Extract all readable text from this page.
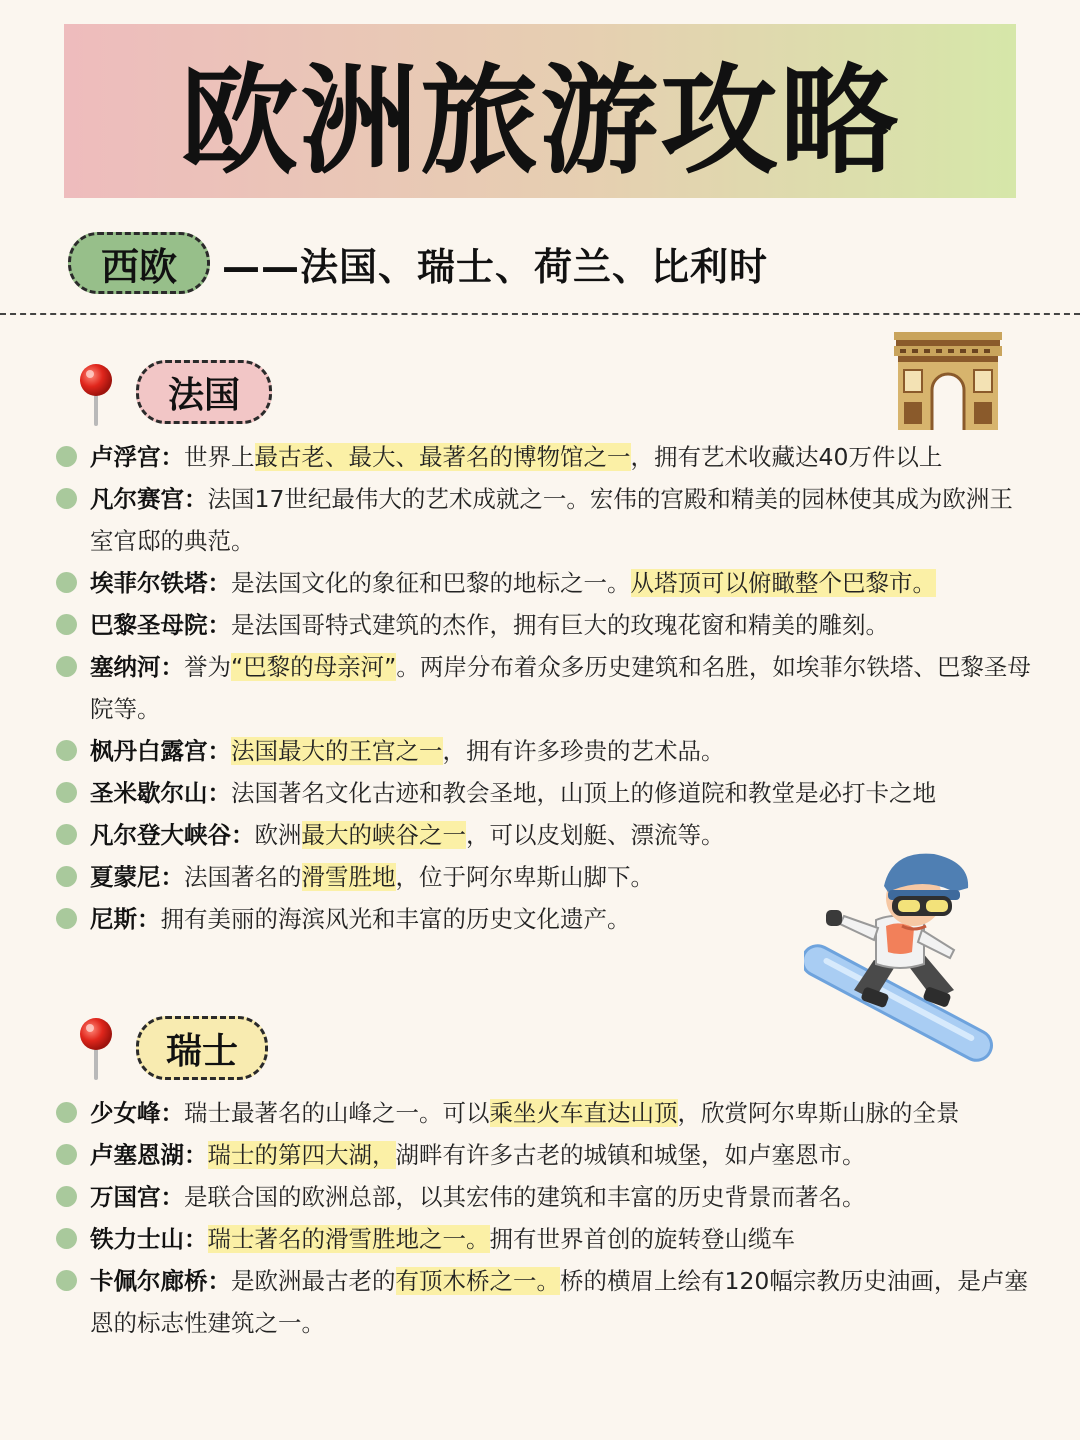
欧洲旅游攻略
西欧	——法国、瑞士、荷兰、比利时
法国
卢浮宫：世界上最古老、最大、最著名的博物馆之一，拥有艺术收藏达40万件以上
凡尔赛宫：法国17世纪最伟大的艺术成就之一。宏伟的宫殿和精美的园林使其成为欧洲王室官邸的典范。
埃菲尔铁塔：是法国文化的象征和巴黎的地标之一。从塔顶可以俯瞰整个巴黎市。
巴黎圣母院：是法国哥特式建筑的杰作，拥有巨大的玫瑰花窗和精美的雕刻。
塞纳河：誉为“巴黎的母亲河”。两岸分布着众多历史建筑和名胜，如埃菲尔铁塔、巴黎圣母院等。
枫丹白露宫：法国最大的王宫之一，拥有许多珍贵的艺术品。
圣米歇尔山：法国著名文化古迹和教会圣地，山顶上的修道院和教堂是必打卡之地
凡尔登大峡谷：欧洲最大的峡谷之一，可以皮划艇、漂流等。
夏蒙尼：法国著名的滑雪胜地，位于阿尔卑斯山脚下。
尼斯：拥有美丽的海滨风光和丰富的历史文化遗产。
瑞士
少女峰：瑞士最著名的山峰之一。可以乘坐火车直达山顶，欣赏阿尔卑斯山脉的全景
卢塞恩湖：瑞士的第四大湖，湖畔有许多古老的城镇和城堡，如卢塞恩市。
万国宫：是联合国的欧洲总部，以其宏伟的建筑和丰富的历史背景而著名。
铁力士山：瑞士著名的滑雪胜地之一。拥有世界首创的旋转登山缆车
卡佩尔廊桥：是欧洲最古老的有顶木桥之一。桥的横眉上绘有120幅宗教历史油画，是卢塞恩的标志性建筑之一。
